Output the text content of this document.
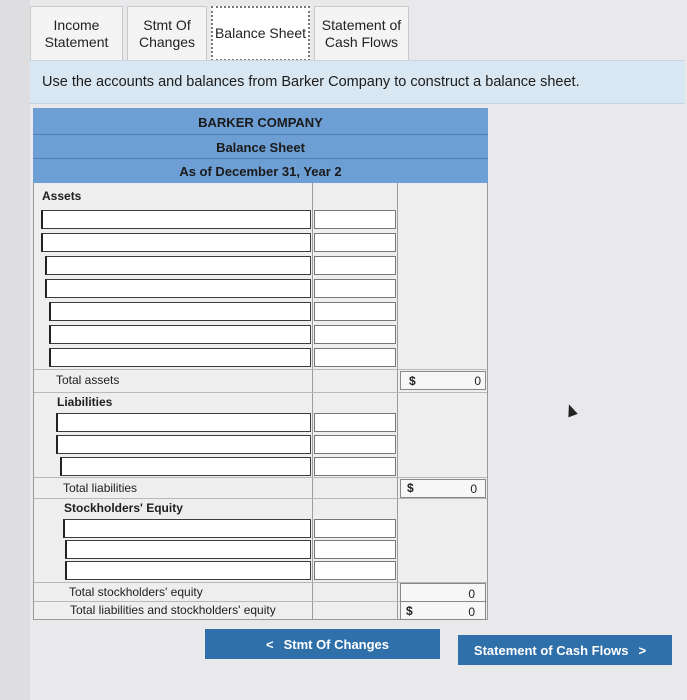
Income
Statement
Stmt Of
Changes
Balance Sheet
Statement of
Cash Flows
Use the accounts and balances from Barker Company to construct a balance sheet.
BARKER COMPANY
Balance Sheet
As of December 31, Year 2
Assets
Total assets	$	0
Liabilities
Total liabilities	$	0
Stockholders' Equity
Total stockholders' equity	0
Total liabilities and stockholders' equity	$	0
< Stmt Of Changes	Statement of Cash Flows >
